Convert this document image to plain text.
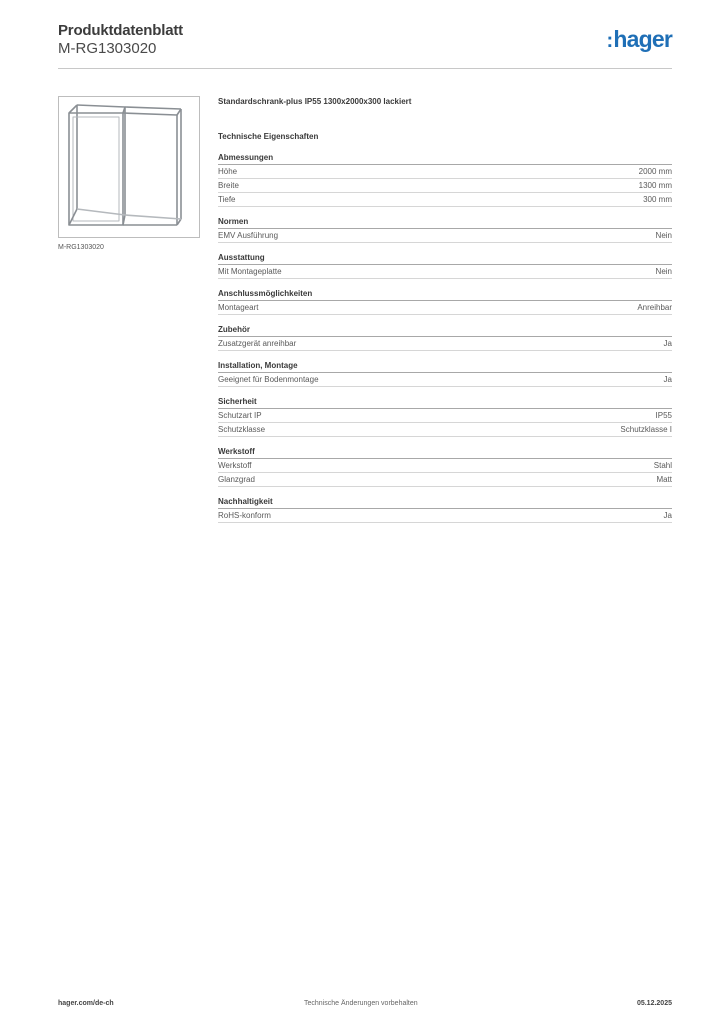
Produktdatenblatt
M-RG1303020	:hager
M-RG1303020
Standardschrank-plus IP55 1300x2000x300 lackiert
Technische Eigenschaften
Abmessungen
Höhe	2000 mm
Breite	1300 mm
Tiefe	300 mm
Normen
EMV Ausführung	Nein
Ausstattung
Mit Montageplatte	Nein
Anschlussmöglichkeiten
Montageart	Anreihbar
Zubehör
Zusatzgerät anreihbar	Ja
Installation, Montage
Geeignet für Bodenmontage	Ja
Sicherheit
Schutzart IP	IP55
Schutzklasse	Schutzklasse I
Werkstoff
Werkstoff	Stahl
Glanzgrad	Matt
Nachhaltigkeit
RoHS-konform	Ja
hager.com/de-ch	Technische Änderungen vorbehalten	05.12.2025
